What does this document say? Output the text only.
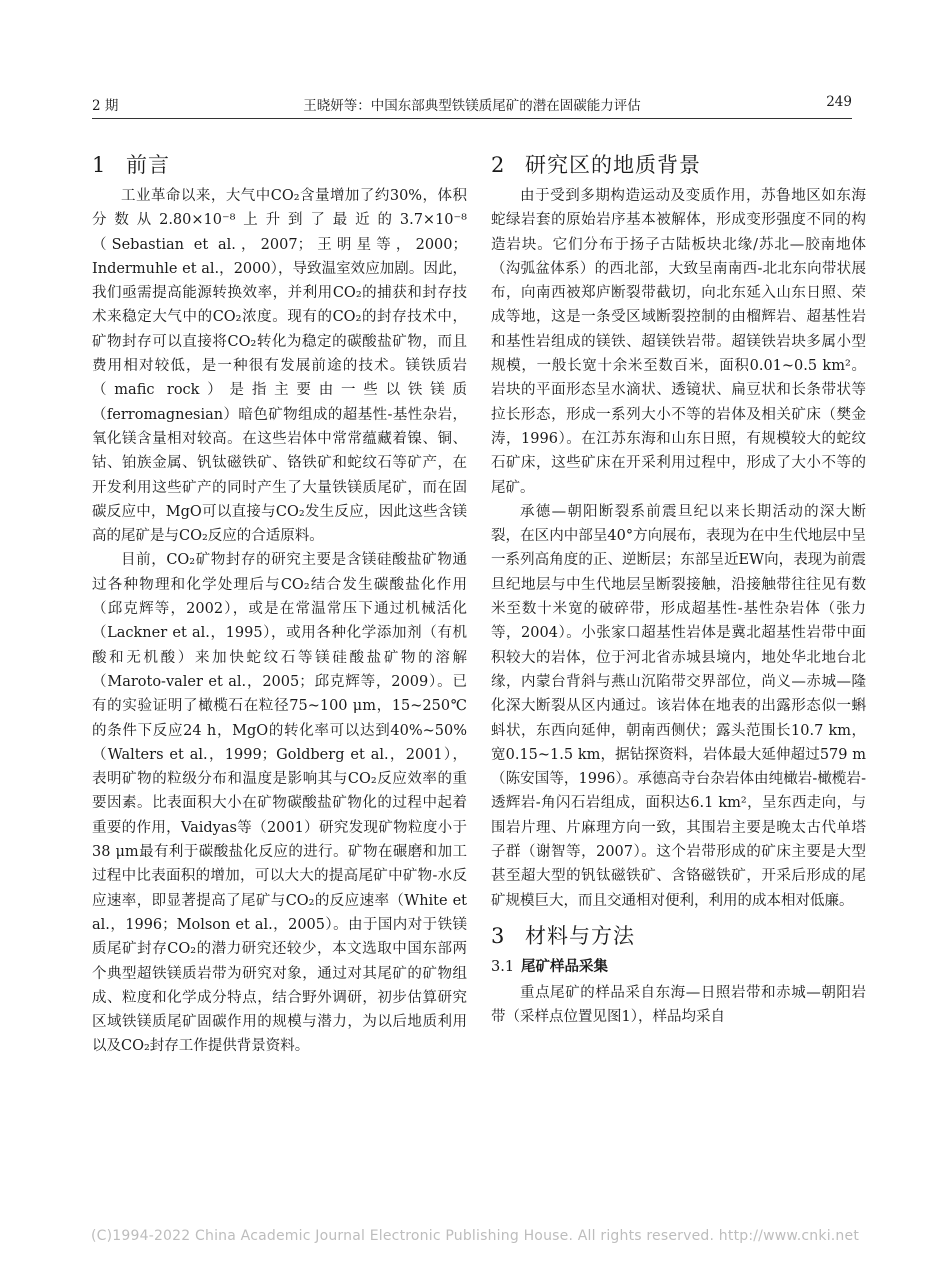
2 期	王晓妍等：中国东部典型铁镁质尾矿的潜在固碳能力评估	249
1 前言

工业革命以来，大气中CO₂含量增加了约30%，体积分数从2.80×10⁻⁸上升到了最近的3.7×10⁻⁸（Sebastian et al.，2007；王明星等，2000；Indermuhle et al.，2000），导致温室效应加剧。因此，我们亟需提高能源转换效率，并利用CO₂的捕获和封存技术来稳定大气中的CO₂浓度。现有的CO₂的封存技术中，矿物封存可以直接将CO₂转化为稳定的碳酸盐矿物，而且费用相对较低，是一种很有发展前途的技术。镁铁质岩（mafic rock）是指主要由一些以铁镁质（ferromagnesian）暗色矿物组成的超基性-基性杂岩，氧化镁含量相对较高。在这些岩体中常常蕴藏着镍、铜、钴、铂族金属、钒钛磁铁矿、铬铁矿和蛇纹石等矿产，在开发利用这些矿产的同时产生了大量铁镁质尾矿，而在固碳反应中，MgO可以直接与CO₂发生反应，因此这些含镁高的尾矿是与CO₂反应的合适原料。

目前，CO₂矿物封存的研究主要是含镁硅酸盐矿物通过各种物理和化学处理后与CO₂结合发生碳酸盐化作用（邱克辉等，2002），或是在常温常压下通过机械活化（Lackner et al.，1995），或用各种化学添加剂（有机酸和无机酸）来加快蛇纹石等镁硅酸盐矿物的溶解（Maroto-valer et al.，2005；邱克辉等，2009）。已有的实验证明了橄榄石在粒径75~100 μm，15~250℃的条件下反应24 h，MgO的转化率可以达到40%~50%（Walters et al.，1999；Goldberg et al.，2001），表明矿物的粒级分布和温度是影响其与CO₂反应效率的重要因素。比表面积大小在矿物碳酸盐矿物化的过程中起着重要的作用，Vaidyas等（2001）研究发现矿物粒度小于38 μm最有利于碳酸盐化反应的进行。矿物在碾磨和加工过程中比表面积的增加，可以大大的提高尾矿中矿物-水反应速率，即显著提高了尾矿与CO₂的反应速率（White et al.，1996；Molson et al.，2005）。由于国内对于铁镁质尾矿封存CO₂的潜力研究还较少，本文选取中国东部两个典型超铁镁质岩带为研究对象，通过对其尾矿的矿物组成、粒度和化学成分特点，结合野外调研，初步估算研究区域铁镁质尾矿固碳作用的规模与潜力，为以后地质利用以及CO₂封存工作提供背景资料。

2 研究区的地质背景

由于受到多期构造运动及变质作用，苏鲁地区如东海蛇绿岩套的原始岩序基本被解体，形成变形强度不同的构造岩块。它们分布于扬子古陆板块北缘/苏北—胶南地体（沟弧盆体系）的西北部，大致呈南南西-北北东向带状展布，向南西被郑庐断裂带截切，向北东延入山东日照、荣成等地，这是一条受区域断裂控制的由榴辉岩、超基性岩和基性岩组成的镁铁、超镁铁岩带。超镁铁岩块多属小型规模，一般长宽十余米至数百米，面积0.01~0.5 km²。岩块的平面形态呈水滴状、透镜状、扁豆状和长条带状等拉长形态，形成一系列大小不等的岩体及相关矿床（樊金涛，1996）。在江苏东海和山东日照，有规模较大的蛇纹石矿床，这些矿床在开采利用过程中，形成了大小不等的尾矿。

承德—朝阳断裂系前震旦纪以来长期活动的深大断裂，在区内中部呈40°方向展布，表现为在中生代地层中呈一系列高角度的正、逆断层；东部呈近EW向，表现为前震旦纪地层与中生代地层呈断裂接触，沿接触带往往见有数米至数十米宽的破碎带，形成超基性-基性杂岩体（张力等，2004）。小张家口超基性岩体是冀北超基性岩带中面积较大的岩体，位于河北省赤城县境内，地处华北地台北缘，内蒙台背斜与燕山沉陷带交界部位，尚义—赤城—隆化深大断裂从区内通过。该岩体在地表的出露形态似一蝌蚪状，东西向延伸，朝南西侧伏；露头范围长10.7 km，宽0.15~1.5 km，据钻探资料，岩体最大延伸超过579 m（陈安国等，1996）。承德高寺台杂岩体由纯橄岩-橄榄岩-透辉岩-角闪石岩组成，面积达6.1 km²，呈东西走向，与围岩片理、片麻理方向一致，其围岩主要是晚太古代单塔子群（谢智等，2007）。这个岩带形成的矿床主要是大型甚至超大型的钒钛磁铁矿、含铬磁铁矿，开采后形成的尾矿规模巨大，而且交通相对便利，利用的成本相对低廉。

3 材料与方法
3.1 尾矿样品采集

重点尾矿的样品采自东海—日照岩带和赤城—朝阳岩带（采样点位置见图1），样品均采自

(C)1994-2022 China Academic Journal Electronic Publishing House. All rights reserved. http://www.cnki.net
